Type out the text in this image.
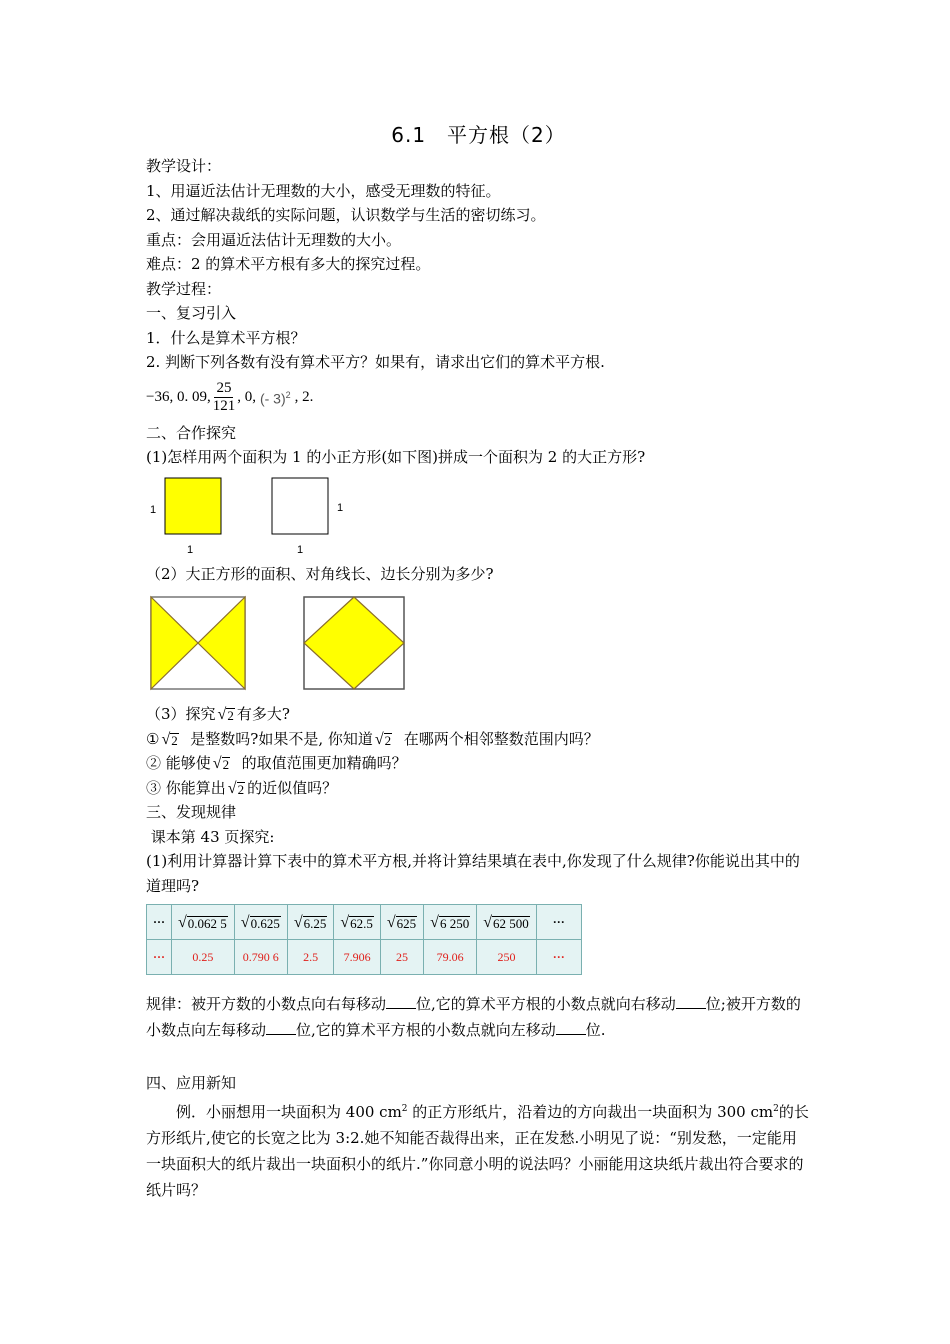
6.1　平方根（2）
教学设计：
1、用逼近法估计无理数的大小，感受无理数的特征。
2、通过解决裁纸的实际问题，认识数学与生活的密切练习。
重点：会用逼近法估计无理数的大小。
难点：2 的算术平方根有多大的探究过程。
教学过程：
一、复习引入
1．什么是算术平方根？
2. 判断下列各数有没有算术平方？如果有，请求出它们的算术平方根.
−36, 0. 09, $\frac{25}{121}$ , 0, (- 3)$^2$ , 2.
二、合作探究
(1)怎样用两个面积为 1 的小正方形(如下图)拼成一个面积为 2 的大正方形?
1
1
1
1
（2）大正方形的面积、对角线长、边长分别为多少?
（3）探究 √ 2 有多大?
① √ 2 是整数吗?如果不是, 你知道 √ 2 在哪两个相邻整数范围内吗？
② 能够使 √ 2 的取值范围更加精确吗？
③ 你能算出 √ 2 的近似值吗？
三、发现规律
课本第 43 页探究:
(1)利用计算器计算下表中的算术平方根,并将计算结果填在表中,你发现了什么规律?你能说出其中的道理吗?
···	√ 0.062 5	√ 0.625	√ 6.25	√ 62.5	√ 625	√ 6 250	√ 62 500	···
···	0.25	0.790 6	2.5	7.906	25	79.06	250	···
规律：被开方数的小数点向右每移动 位,它的算术平方根的小数点就向右移动 位;被开方数的小数点向左每移动 位,它的算术平方根的小数点就向左移动 位.
四、应用新知
例．小丽想用一块面积为 400 $cm^2$ 的正方形纸片，沿着边的方向裁出一块面积为 300 $cm^2$的长方形纸片,使它的长宽之比为 3:2.她不知能否裁得出来，正在发愁.小明见了说：“别发愁，一定能用一块面积大的纸片裁出一块面积小的纸片.”你同意小明的说法吗？小丽能用这块纸片裁出符合要求的纸片吗？
